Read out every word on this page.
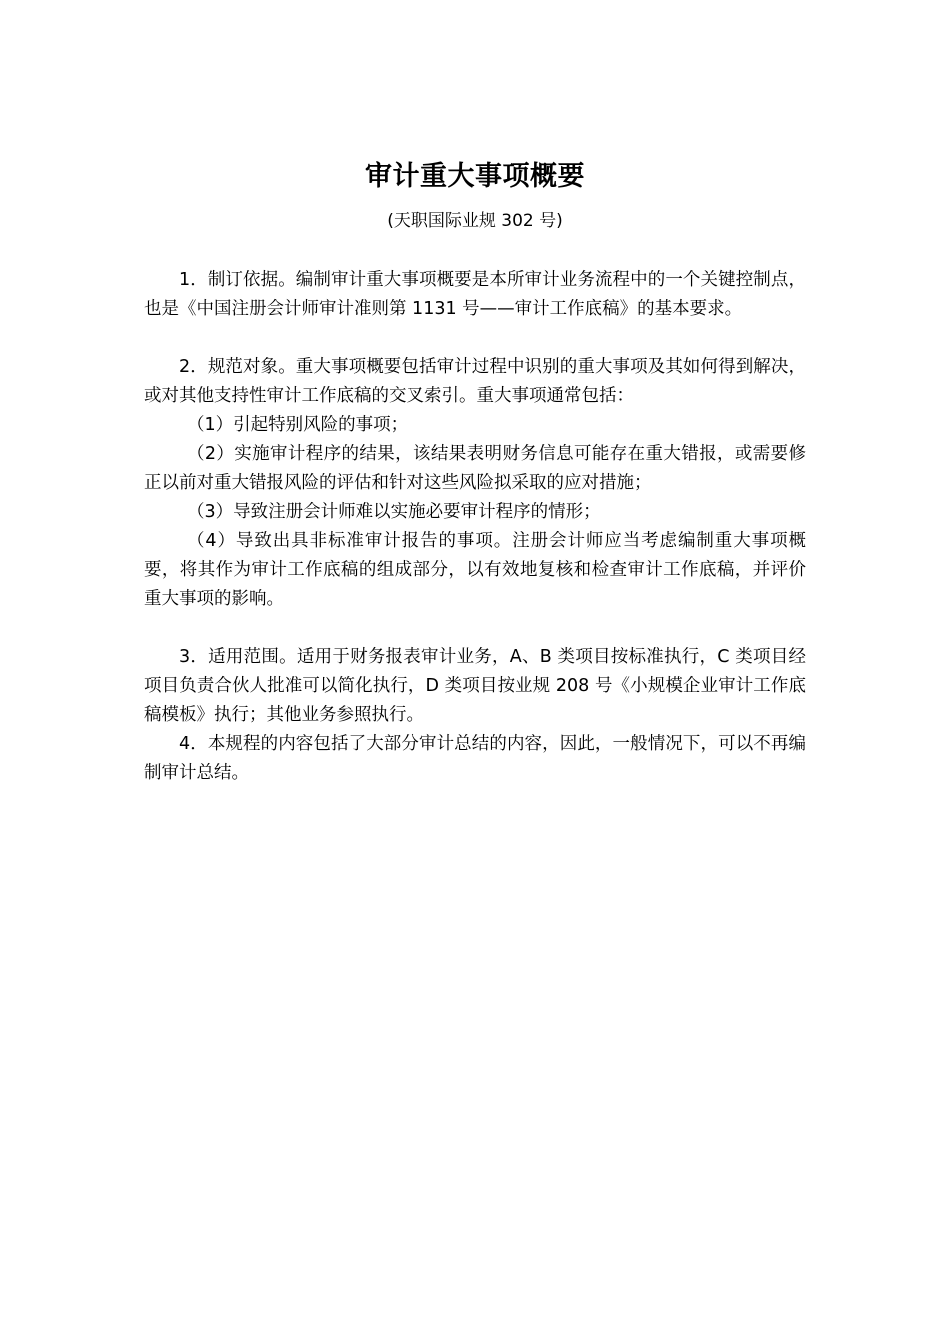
审计重大事项概要

(天职国际业规 302 号)

1．制订依据。编制审计重大事项概要是本所审计业务流程中的一个关键控制点，也是《中国注册会计师审计准则第 1131 号——审计工作底稿》的基本要求。

2．规范对象。重大事项概要包括审计过程中识别的重大事项及其如何得到解决，或对其他支持性审计工作底稿的交叉索引。重大事项通常包括：

（1）引起特别风险的事项；

（2）实施审计程序的结果，该结果表明财务信息可能存在重大错报，或需要修正以前对重大错报风险的评估和针对这些风险拟采取的应对措施；

（3）导致注册会计师难以实施必要审计程序的情形；

（4）导致出具非标准审计报告的事项。注册会计师应当考虑编制重大事项概要，将其作为审计工作底稿的组成部分，以有效地复核和检查审计工作底稿，并评价重大事项的影响。

3．适用范围。适用于财务报表审计业务，A、B 类项目按标准执行，C 类项目经项目负责合伙人批准可以简化执行，D 类项目按业规 208 号《小规模企业审计工作底稿模板》执行；其他业务参照执行。

4．本规程的内容包括了大部分审计总结的内容，因此，一般情况下，可以不再编制审计总结。
